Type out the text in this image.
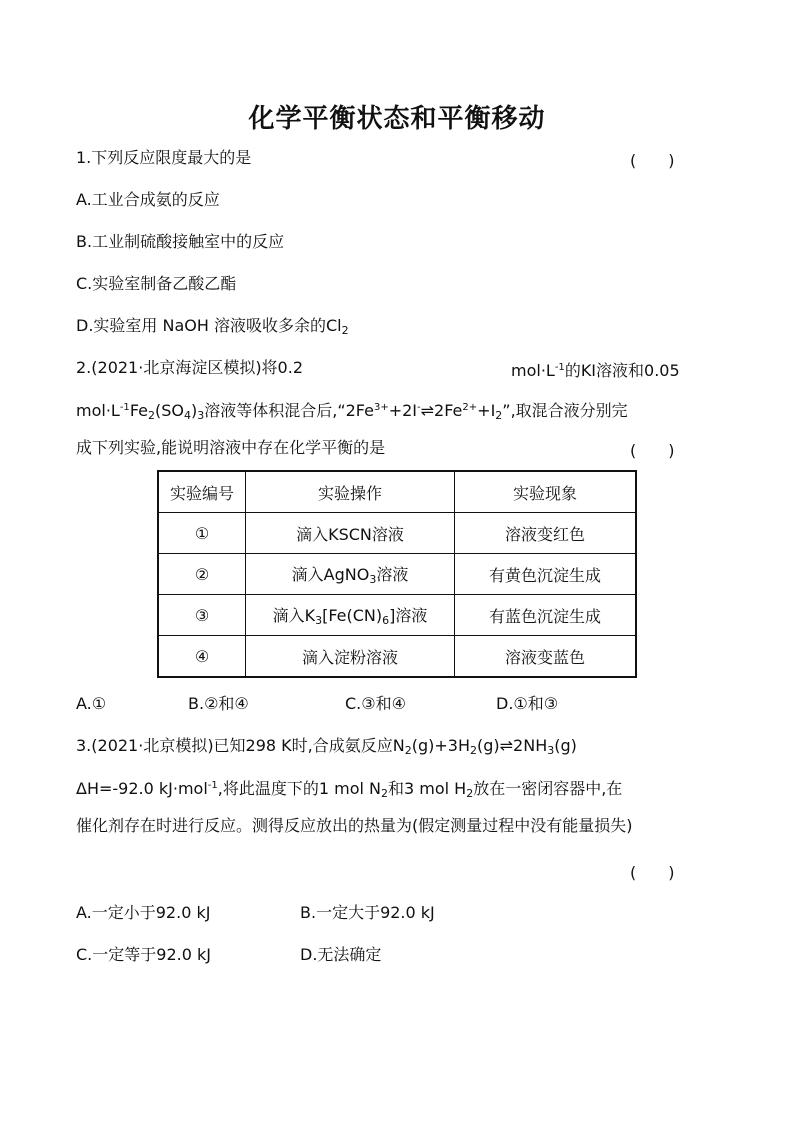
化学平衡状态和平衡移动
1.下列反应限度最大的是	(　　)
A.工业合成氨的反应
B.工业制硫酸接触室中的反应
C.实验室制备乙酸乙酯
D.实验室用 NaOH 溶液吸收多余的$Cl_2$
2.(2021·北京海淀区模拟)将0.2	$mol\cdot L^{-1}$的KI溶液和0.05
$mol\cdot L^{-1}Fe_2(SO_4)_3$溶液等体积混合后$,“2Fe^{3+}+2I^-\rightleftharpoons 2Fe^{2+}+I_2$”,取混合液分别完
成下列实验,能说明溶液中存在化学平衡的是	(　　)
实验编号	实验操作	实验现象
①	滴入KSCN溶液	溶液变红色
②	滴入AgNO$_3$溶液	有黄色沉淀生成
③	滴入$K_3[Fe(CN)_6]$溶液	有蓝色沉淀生成
④	滴入淀粉溶液	溶液变蓝色
A.①	B.②和④	C.③和④	D.①和③
3.(2021·北京模拟)已知298 K时,合成氨反应$N_2(g)+3H_2(g)\rightleftharpoons 2NH_3(g)$
ΔH=-92.0 kJ·mol$^{-1}$,将此温度下的1 mol $N_2$和3 mol $H_2$放在一密闭容器中,在
催化剂存在时进行反应。测得反应放出的热量为(假定测量过程中没有能量损失)
(　　)
A.一定小于92.0 kJ	B.一定大于92.0 kJ
C.一定等于92.0 kJ	D.无法确定
